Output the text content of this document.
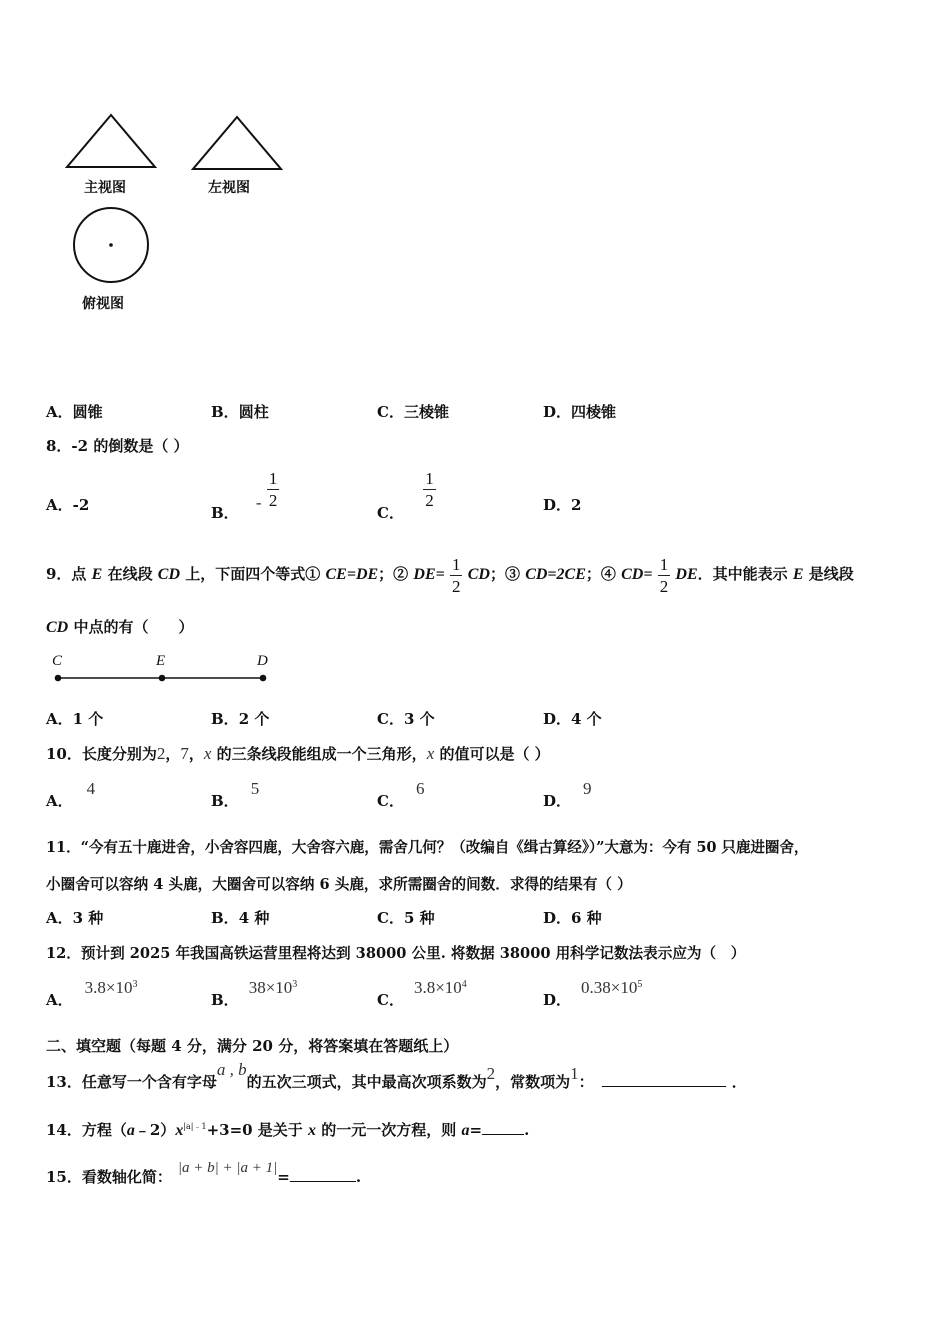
主视图	左视图
俯视图
A．圆锥	B．圆柱	C．三棱锥	D．四棱锥
8．-2 的倒数是（ ）
A．-2	B． - $\frac{1}{2}$
C．
$\frac{1}{2}$	D．2
9．点 E 在线段 CD 上，下面四个等式① CE=DE；② $DE= \frac{1}{2}$ CD；③ CD=2CE；④ $CD= \frac{1}{2}$ DE．其中能表示 E 是线段
CD 中点的有（　　）
C	E	D
A．1 个	B．2 个	C．3 个	D．4 个
10．长度分别为2，7，x 的三条线段能组成一个三角形，x 的值可以是（ ）
A．4
B．5
C．6
D．9
11．“今有五十鹿进舍，小舍容四鹿，大舍容六鹿，需舍几何？（改编自《缉古算经》）”大意为：今有 50 只鹿进圈舍，
小圈舍可以容纳 4 头鹿，大圈舍可以容纳 6 头鹿，求所需圈舍的间数．求得的结果有（ ）
A．3 种	B．4 种	C．5 种	D．6 种
12．预计到 2025 年我国高铁运营里程将达到 38000 公里. 将数据 38000 用科学记数法表示应为（　）
A．$3.8\times 10^3$
B．$38\times 10^3$
C．$3.8\times 10^4$
D．$0.38\times 10^5$
二、填空题（每题 4 分，满分 20 分，将答案填在答题纸上）
13．任意写一个含有字母a , b的五次三项式，其中最高次项系数为2，常数项为1：	．
14．方程$(a﹣2)x^{|a|﹣1}+3=0$ 是关于 x 的一元一次方程，则 a=	.
15．看数轴化简： |a + b| + |a + 1|=	.
